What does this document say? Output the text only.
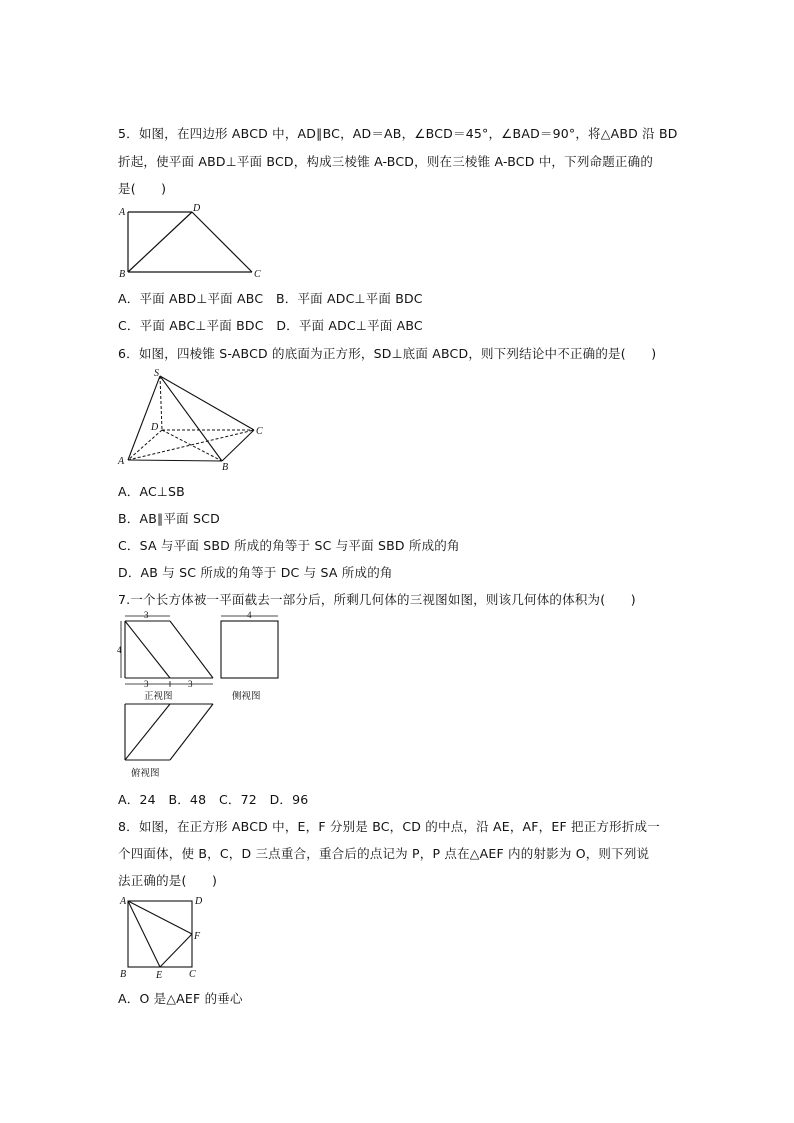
5．如图，在四边形 ABCD 中，AD∥BC，AD＝AB，∠BCD＝45°，∠BAD＝90°，将△ABD 沿 BD
折起，使平面 ABD⊥平面 BCD，构成三棱锥 A-BCD，则在三棱锥 A-BCD 中，下列命题正确的
是(　　)
A	D
B	C
A．平面 ABD⊥平面 ABC　B．平面 ADC⊥平面 BDC
C．平面 ABC⊥平面 BDC　D．平面 ADC⊥平面 ABC
6．如图，四棱锥 S-ABCD 的底面为正方形，SD⊥底面 ABCD，则下列结论中不正确的是(　　)
S
D	C
A
B
A．AC⊥SB
B．AB∥平面 SCD
C．SA 与平面 SBD 所成的角等于 SC 与平面 SBD 所成的角
D．AB 与 SC 所成的角等于 DC 与 SA 所成的角
7.一个长方体被一平面截去一部分后，所剩几何体的三视图如图，则该几何体的体积为(　　)
3
4
3	3
正视图
4
侧视图
俯视图
A．24　B．48　C．72　D．96
8．如图，在正方形 ABCD 中，E，F 分别是 BC，CD 的中点，沿 AE，AF，EF 把正方形折成一
个四面体，使 B，C，D 三点重合，重合后的点记为 P，P 点在△AEF 内的射影为 O，则下列说
法正确的是(　　)
A	D
F
B	E	C
A．O 是△AEF 的垂心
